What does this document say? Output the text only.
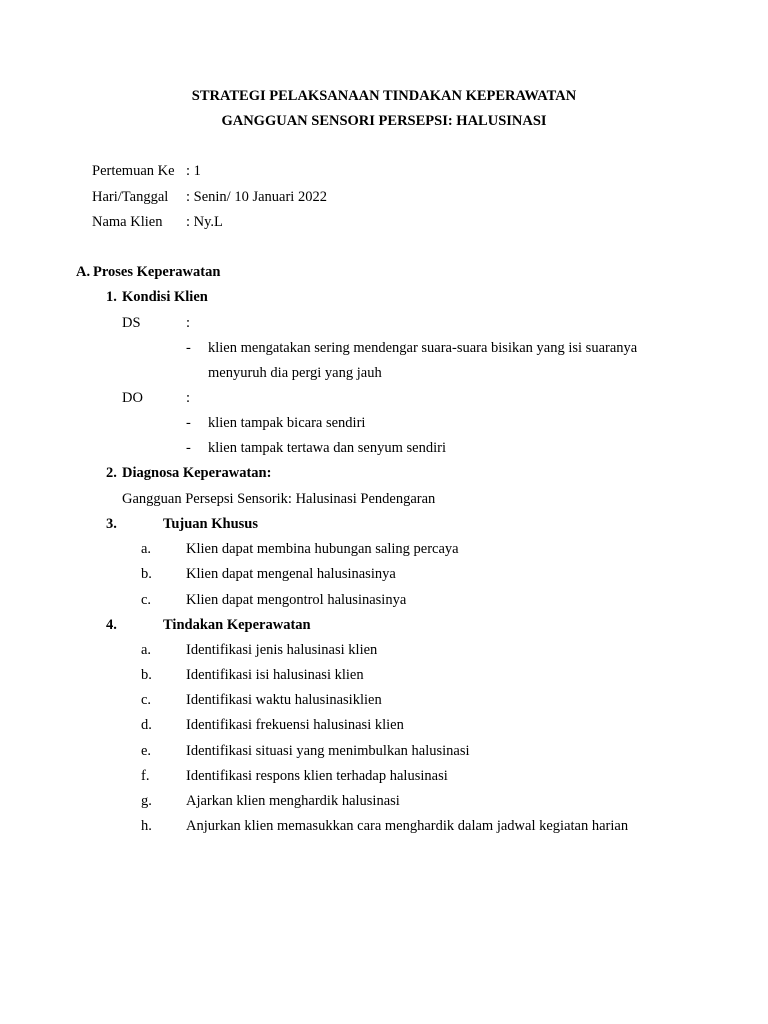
STRATEGI PELAKSANAAN TINDAKAN KEPERAWATAN
GANGGUAN SENSORI PERSEPSI: HALUSINASI
Pertemuan Ke : 1
Hari/Tanggal : Senin/ 10 Januari 2022
Nama Klien : Ny.L
A. Proses Keperawatan
1. Kondisi Klien
DS	:
- klien mengatakan sering mendengar suara-suara bisikan yang isi suaranya
menyuruh dia pergi yang jauh
DO	:
- klien tampak bicara sendiri
- klien tampak tertawa dan senyum sendiri
2. Diagnosa Keperawatan:
Gangguan Persepsi Sensorik: Halusinasi Pendengaran
3.	Tujuan Khusus
a. Klien dapat membina hubungan saling percaya
b. Klien dapat mengenal halusinasinya
c. Klien dapat mengontrol halusinasinya
4.	Tindakan Keperawatan
a. Identifikasi jenis halusinasi klien
b. Identifikasi isi halusinasi klien
c. Identifikasi waktu halusinasiklien
d. Identifikasi frekuensi halusinasi klien
e. Identifikasi situasi yang menimbulkan halusinasi
f.	Identifikasi respons klien terhadap halusinasi
g. Ajarkan klien menghardik halusinasi
h. Anjurkan klien memasukkan cara menghardik dalam jadwal kegiatan harian
